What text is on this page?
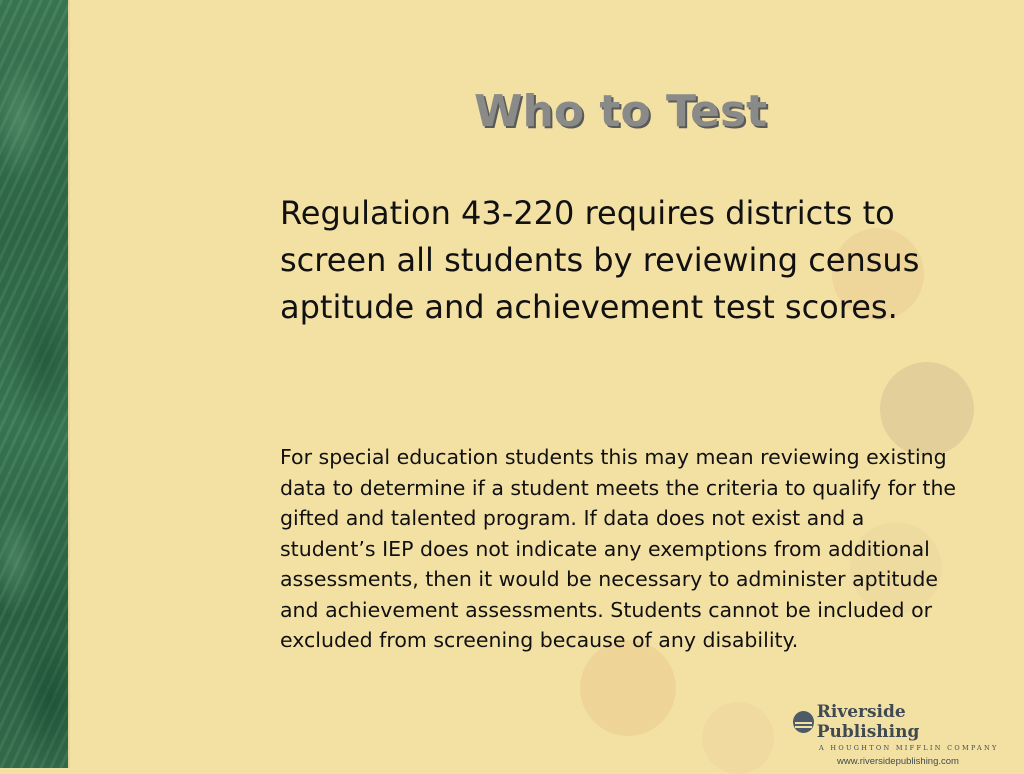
Who to Test

Regulation 43-220 requires districts to screen all students by reviewing census aptitude and achievement test scores.

For special education students this may mean reviewing existing data to determine if a student meets the criteria to qualify for the gifted and talented program. If data does not exist and a student’s IEP does not indicate any exemptions from additional assessments, then it would be necessary to administer aptitude and achievement assessments. Students cannot be included or excluded from screening because of any disability.

Riverside Publishing
A HOUGHTON MIFFLIN COMPANY
www.riversidepublishing.com
